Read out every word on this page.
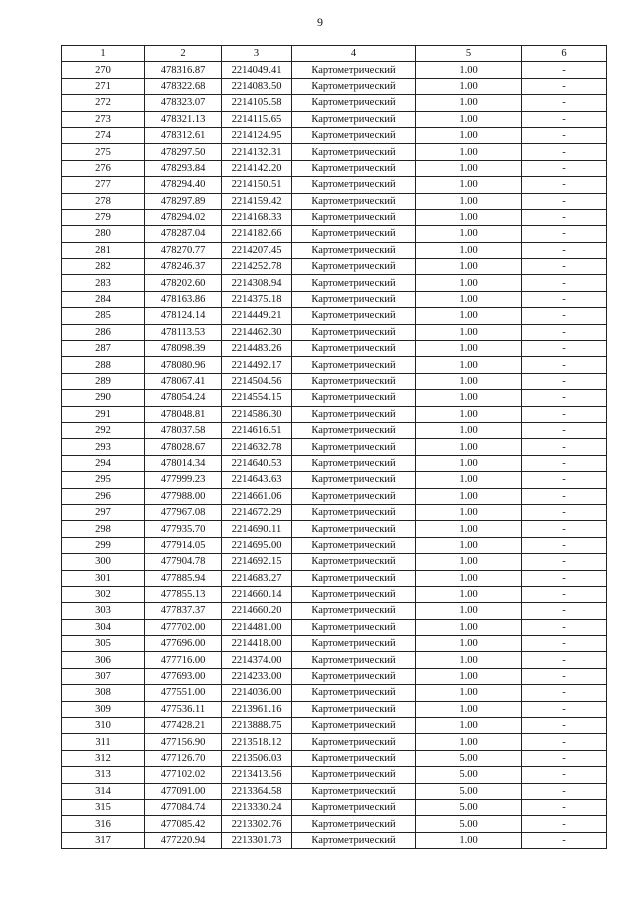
9
1	2	3	4	5	6
270	478316.87	2214049.41	Картометрический	1.00	-
271	478322.68	2214083.50	Картометрический	1.00	-
272	478323.07	2214105.58	Картометрический	1.00	-
273	478321.13	2214115.65	Картометрический	1.00	-
274	478312.61	2214124.95	Картометрический	1.00	-
275	478297.50	2214132.31	Картометрический	1.00	-
276	478293.84	2214142.20	Картометрический	1.00	-
277	478294.40	2214150.51	Картометрический	1.00	-
278	478297.89	2214159.42	Картометрический	1.00	-
279	478294.02	2214168.33	Картометрический	1.00	-
280	478287.04	2214182.66	Картометрический	1.00	-
281	478270.77	2214207.45	Картометрический	1.00	-
282	478246.37	2214252.78	Картометрический	1.00	-
283	478202.60	2214308.94	Картометрический	1.00	-
284	478163.86	2214375.18	Картометрический	1.00	-
285	478124.14	2214449.21	Картометрический	1.00	-
286	478113.53	2214462.30	Картометрический	1.00	-
287	478098.39	2214483.26	Картометрический	1.00	-
288	478080.96	2214492.17	Картометрический	1.00	-
289	478067.41	2214504.56	Картометрический	1.00	-
290	478054.24	2214554.15	Картометрический	1.00	-
291	478048.81	2214586.30	Картометрический	1.00	-
292	478037.58	2214616.51	Картометрический	1.00	-
293	478028.67	2214632.78	Картометрический	1.00	-
294	478014.34	2214640.53	Картометрический	1.00	-
295	477999.23	2214643.63	Картометрический	1.00	-
296	477988.00	2214661.06	Картометрический	1.00	-
297	477967.08	2214672.29	Картометрический	1.00	-
298	477935.70	2214690.11	Картометрический	1.00	-
299	477914.05	2214695.00	Картометрический	1.00	-
300	477904.78	2214692.15	Картометрический	1.00	-
301	477885.94	2214683.27	Картометрический	1.00	-
302	477855.13	2214660.14	Картометрический	1.00	-
303	477837.37	2214660.20	Картометрический	1.00	-
304	477702.00	2214481.00	Картометрический	1.00	-
305	477696.00	2214418.00	Картометрический	1.00	-
306	477716.00	2214374.00	Картометрический	1.00	-
307	477693.00	2214233.00	Картометрический	1.00	-
308	477551.00	2214036.00	Картометрический	1.00	-
309	477536.11	2213961.16	Картометрический	1.00	-
310	477428.21	2213888.75	Картометрический	1.00	-
311	477156.90	2213518.12	Картометрический	1.00	-
312	477126.70	2213506.03	Картометрический	5.00	-
313	477102.02	2213413.56	Картометрический	5.00	-
314	477091.00	2213364.58	Картометрический	5.00	-
315	477084.74	2213330.24	Картометрический	5.00	-
316	477085.42	2213302.76	Картометрический	5.00	-
317	477220.94	2213301.73	Картометрический	1.00	-
